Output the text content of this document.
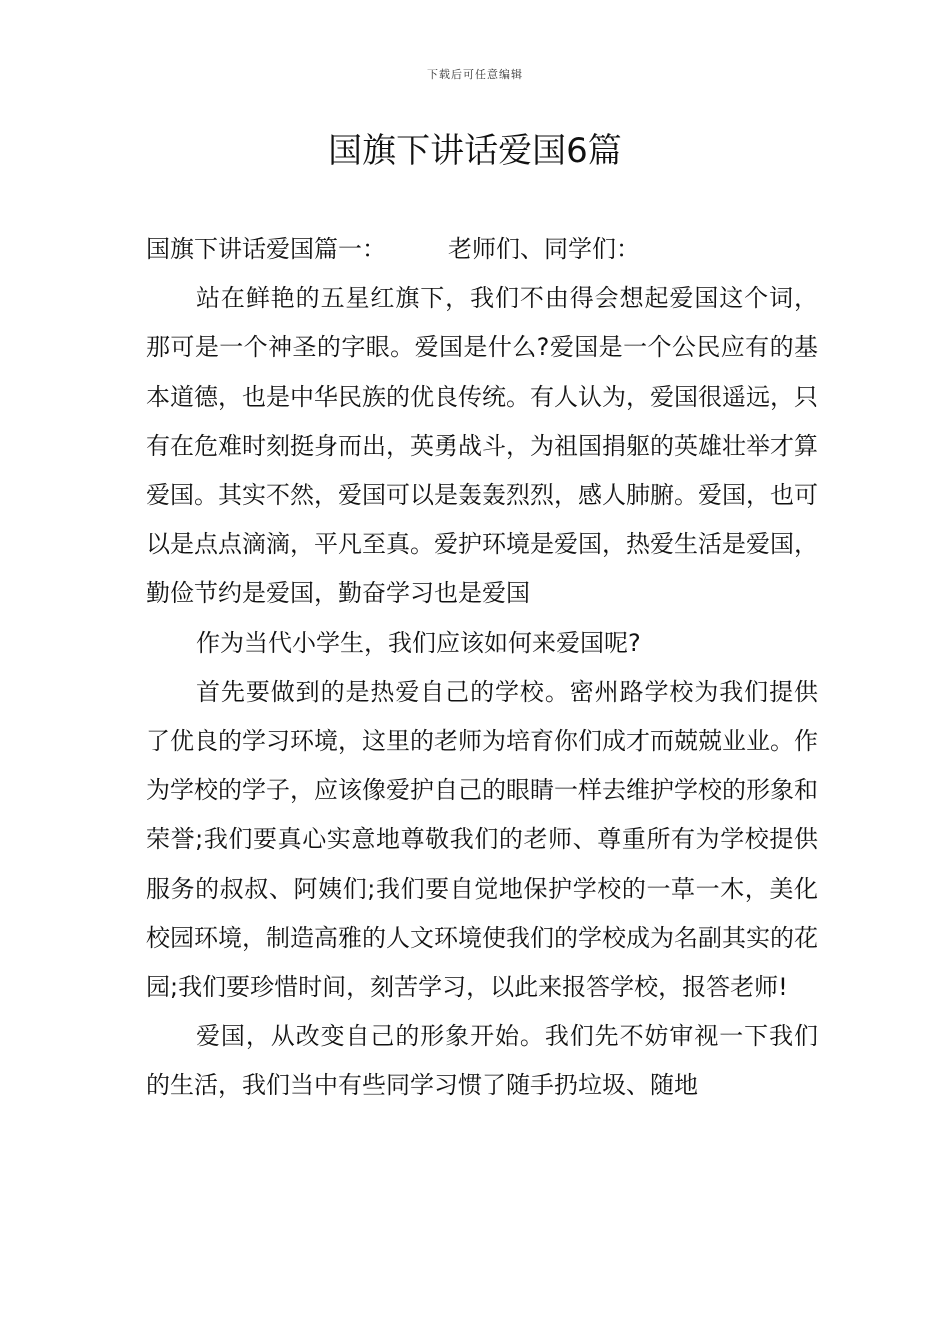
下载后可任意编辑
国旗下讲话爱国6篇

国旗下讲话爱国篇一：	老师们、同学们：

站在鲜艳的五星红旗下，我们不由得会想起爱国这个词，那可是一个神圣的字眼。爱国是什么?爱国是一个公民应有的基本道德，也是中华民族的优良传统。有人认为，爱国很遥远，只有在危难时刻挺身而出，英勇战斗，为祖国捐躯的英雄壮举才算爱国。其实不然，爱国可以是轰轰烈烈，感人肺腑。爱国，也可以是点点滴滴，平凡至真。爱护环境是爱国，热爱生活是爱国，勤俭节约是爱国，勤奋学习也是爱国

作为当代小学生，我们应该如何来爱国呢?

首先要做到的是热爱自己的学校。密州路学校为我们提供了优良的学习环境，这里的老师为培育你们成才而兢兢业业。作为学校的学子，应该像爱护自己的眼睛一样去维护学校的形象和荣誉;我们要真心实意地尊敬我们的老师、尊重所有为学校提供服务的叔叔、阿姨们;我们要自觉地保护学校的一草一木，美化校园环境，制造高雅的人文环境使我们的学校成为名副其实的花园;我们要珍惜时间，刻苦学习，以此来报答学校，报答老师!

爱国，从改变自己的形象开始。我们先不妨审视一下我们的生活，我们当中有些同学习惯了随手扔垃圾、随地
